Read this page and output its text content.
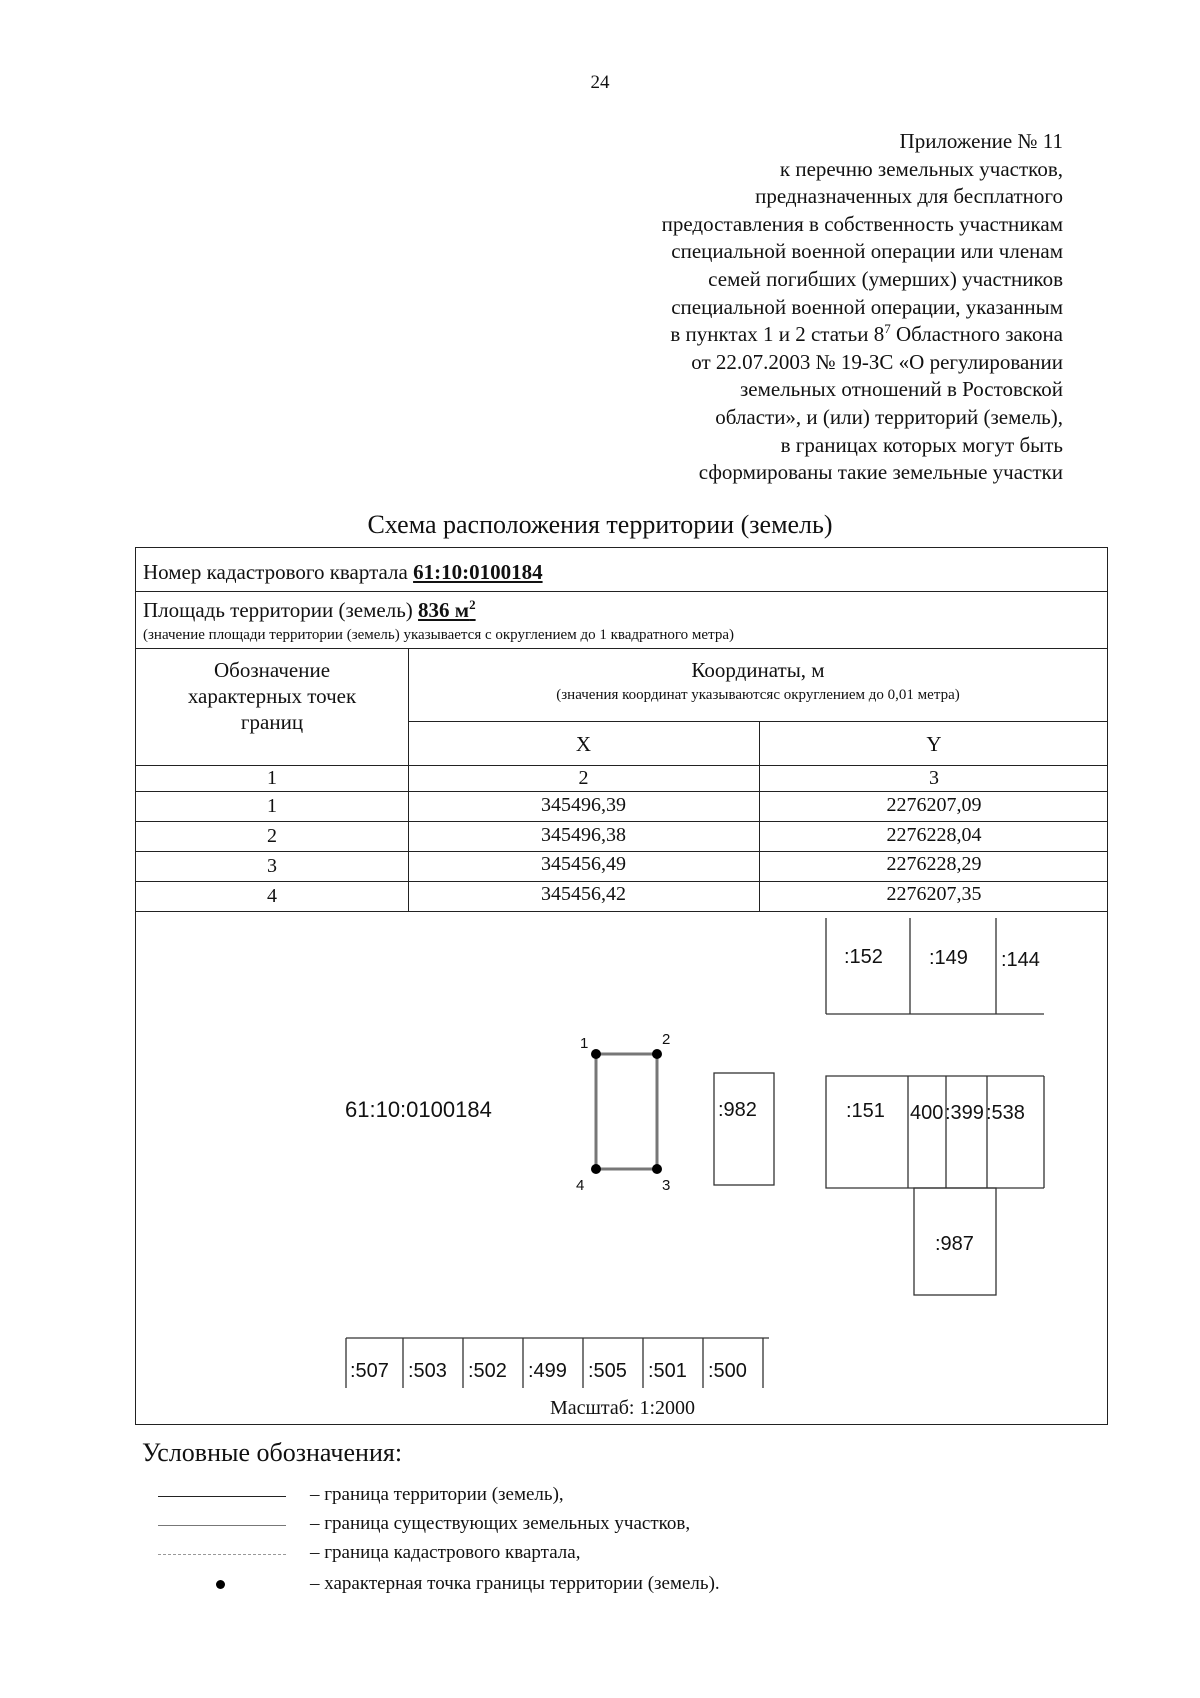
24
Приложение № 11
к перечню земельных участков,
предназначенных для бесплатного
предоставления в собственность участникам
специальной военной операции или членам
семей погибших (умерших) участников
специальной военной операции, указанным
в пунктах 1 и 2 статьи $8^7$ Областного закона
от 22.07.2003 № 19-ЗС «О регулировании
земельных отношений в Ростовской
области», и (или) территорий (земель),
в границах которых могут быть
сформированы такие земельные участки
Схема расположения территории (земель)
Номер кадастрового квартала 61:10:0100184
Площадь территории (земель) 836 $м^2$
(значение площади территории (земель) указывается с округлением до 1 квадратного метра)
Обозначение
характерных точек
границ
Координаты, м
(значения координат указываютсяс округлением до 0,01 метра)
X	Y
1	2	3
1	345496,39	2276207,09
2	345496,38	2276228,04
3	345456,49	2276228,29
4	345456,42	2276207,35
:152 :149 :144
61:10:0100184
1	2
3
4
:982	:151 400 :399 :538
:987
:507 :503 :502 :499 :505 :501 :500
Масштаб: 1:2000
Условные обозначения:
– граница территории (земель),
– граница существующих земельных участков,
– граница кадастрового квартала,
– характерная точка границы территории (земель).
